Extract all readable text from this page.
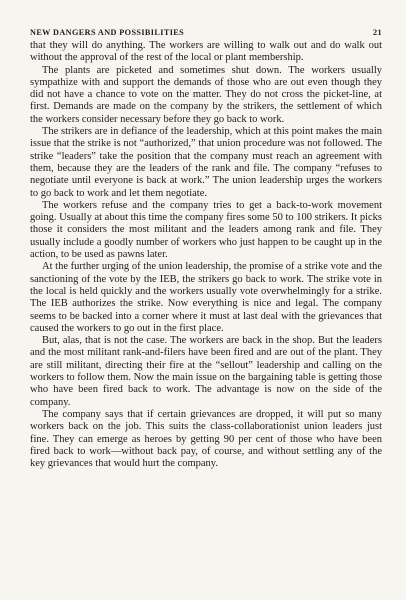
NEW DANGERS AND POSSIBILITIES	21

that they will do anything. The workers are willing to walk out and do walk out without the approval of the rest of the local or plant membership.

The plants are picketed and sometimes shut down. The workers usually sympathize with and support the demands of those who are out even though they did not have a chance to vote on the matter. They do not cross the picket-line, at first. Demands are made on the company by the strikers, the settlement of which the workers consider necessary before they go back to work.

The strikers are in defiance of the leadership, which at this point makes the main issue that the strike is not “authorized,” that union procedure was not followed. The strike “leaders” take the position that the company must reach an agreement with them, because they are the leaders of the rank and file. The company “refuses to negotiate until everyone is back at work.” The union leadership urges the workers to go back to work and let them negotiate.

The workers refuse and the company tries to get a back-to-work movement going. Usually at about this time the company fires some 50 to 100 strikers. It picks those it considers the most militant and the leaders among rank and file. They usually include a goodly number of workers who just happen to be caught up in the action, to be used as pawns later.

At the further urging of the union leadership, the promise of a strike vote and the sanctioning of the vote by the IEB, the strikers go back to work. The strike vote in the local is held quickly and the workers usually vote overwhelmingly for a strike. The IEB authorizes the strike. Now everything is nice and legal. The company seems to be backed into a corner where it must at last deal with the grievances that caused the workers to go out in the first place.

But, alas, that is not the case. The workers are back in the shop. But the leaders and the most militant rank-and-filers have been fired and are out of the plant. They are still militant, directing their fire at the “sellout” leadership and calling on the workers to follow them. Now the main issue on the bargaining table is getting those who have been fired back to work. The advantage is now on the side of the company.

The company says that if certain grievances are dropped, it will put so many workers back on the job. This suits the class-collaborationist union leaders just fine. They can emerge as heroes by getting 90 per cent of those who have been fired back to work—without back pay, of course, and without settling any of the key grievances that would hurt the company.
